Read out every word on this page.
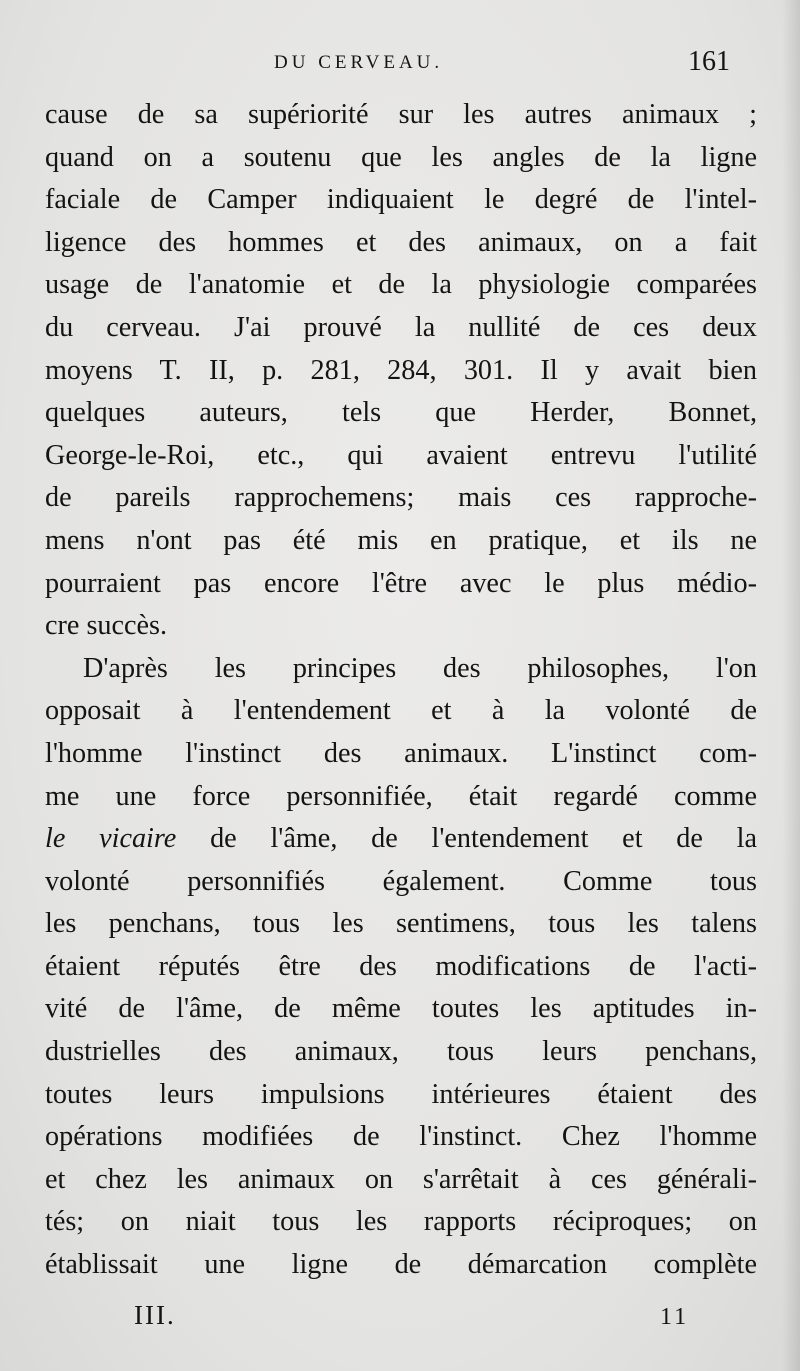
DU CERVEAU.	161
cause de sa supériorité sur les autres animaux ;
quand on a soutenu que les angles de la ligne
faciale de Camper indiquaient le degré de l'intel-
ligence des hommes et des animaux, on a fait
usage de l'anatomie et de la physiologie comparées
du cerveau. J'ai prouvé la nullité de ces deux
moyens T. II, p. 281, 284, 301. Il y avait bien
quelques auteurs, tels que Herder, Bonnet,
George-le-Roi, etc., qui avaient entrevu l'utilité
de pareils rapprochemens; mais ces rapproche-
mens n'ont pas été mis en pratique, et ils ne
pourraient pas encore l'être avec le plus médio-
cre succès.
D'après les principes des philosophes, l'on
opposait à l'entendement et à la volonté de
l'homme l'instinct des animaux. L'instinct com-
me une force personnifiée, était regardé comme
le vicaire de l'âme, de l'entendement et de la
volonté personnifiés également. Comme tous
les penchans, tous les sentimens, tous les talens
étaient réputés être des modifications de l'acti-
vité de l'âme, de même toutes les aptitudes in-
dustrielles des animaux, tous leurs penchans,
toutes leurs impulsions intérieures étaient des
opérations modifiées de l'instinct. Chez l'homme
et chez les animaux on s'arrêtait à ces générali-
tés; on niait tous les rapports réciproques; on
établissait une ligne de démarcation complète
III.	11
